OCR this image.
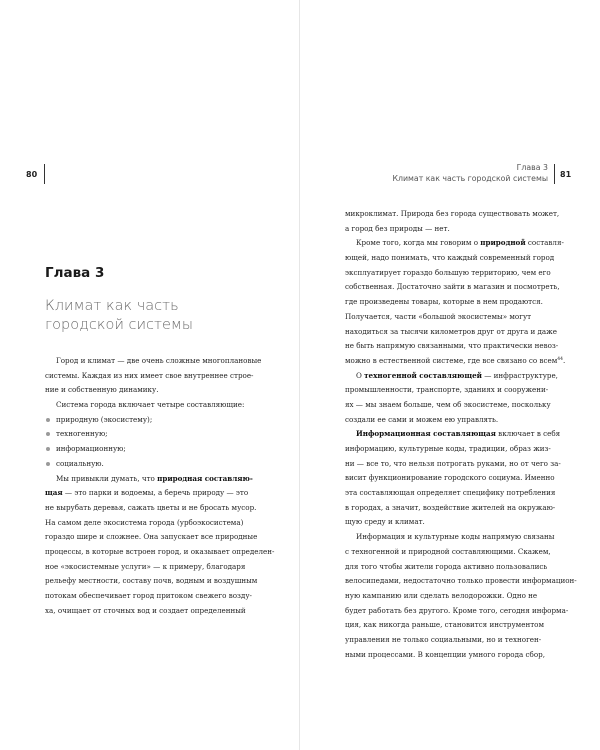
80
Глава 3
Климат как часть
городской системы
Город и климат — две очень сложные многоплановые
системы. Каждая из них имеет свое внутреннее строе-
ние и собственную динамику.
Система города включает четыре составляющие:
природную (экосистему);
техногенную;
информационную;
социальную.
Мы привыкли думать, что природная составляю-
щая — это парки и водоемы, а беречь природу — это
не вырубать деревья, сажать цветы и не бросать мусор.
На самом деле экосистема города (урбоэкосистема)
гораздо шире и сложнее. Она запускает все природные
процессы, в которые встроен город, и оказывает определен-
ное «экосистемные услуги» — к примеру, благодаря
рельефу местности, составу почв, водным и воздушным
потокам обеспечивает город притоком свежего возду-
ха, очищает от сточных вод и создает определенный
Глава 3
Климат как часть городской системы 81
микроклимат. Природа без города существовать может,
а город без природы — нет.
Кроме того, когда мы говорим о природной составля-
ющей, надо понимать, что каждый современный город
эксплуатирует гораздо большую территорию, чем его
собственная. Достаточно зайти в магазин и посмотреть,
где произведены товары, которые в нем продаются.
Получается, части «большой экосистемы» могут
находиться за тысячи километров друг от друга и даже
не быть напрямую связанными, что практически невоз-
можно в естественной системе, где все связано со всем$^{44}$.
О техногенной составляющей — инфраструктуре,
промышленности, транспорте, зданиях и сооружени-
ях — мы знаем больше, чем об экосистеме, поскольку
создали ее сами и можем ею управлять.
Информационная составляющая включает в себя
информацию, культурные коды, традиции, образ жиз-
ни — все то, что нельзя потрогать руками, но от чего за-
висит функционирование городского социума. Именно
эта составляющая определяет специфику потребления
в городах, а значит, воздействие жителей на окружаю-
щую среду и климат.
Информация и культурные коды напрямую связаны
с техногенной и природной составляющими. Скажем,
для того чтобы жители города активно пользовались
велосипедами, недостаточно только провести информацион-
ную кампанию или сделать велодорожки. Одно не
будет работать без другого. Кроме того, сегодня информа-
ция, как никогда раньше, становится инструментом
управления не только социальными, но и техноген-
ными процессами. В концепции умного города сбор,
